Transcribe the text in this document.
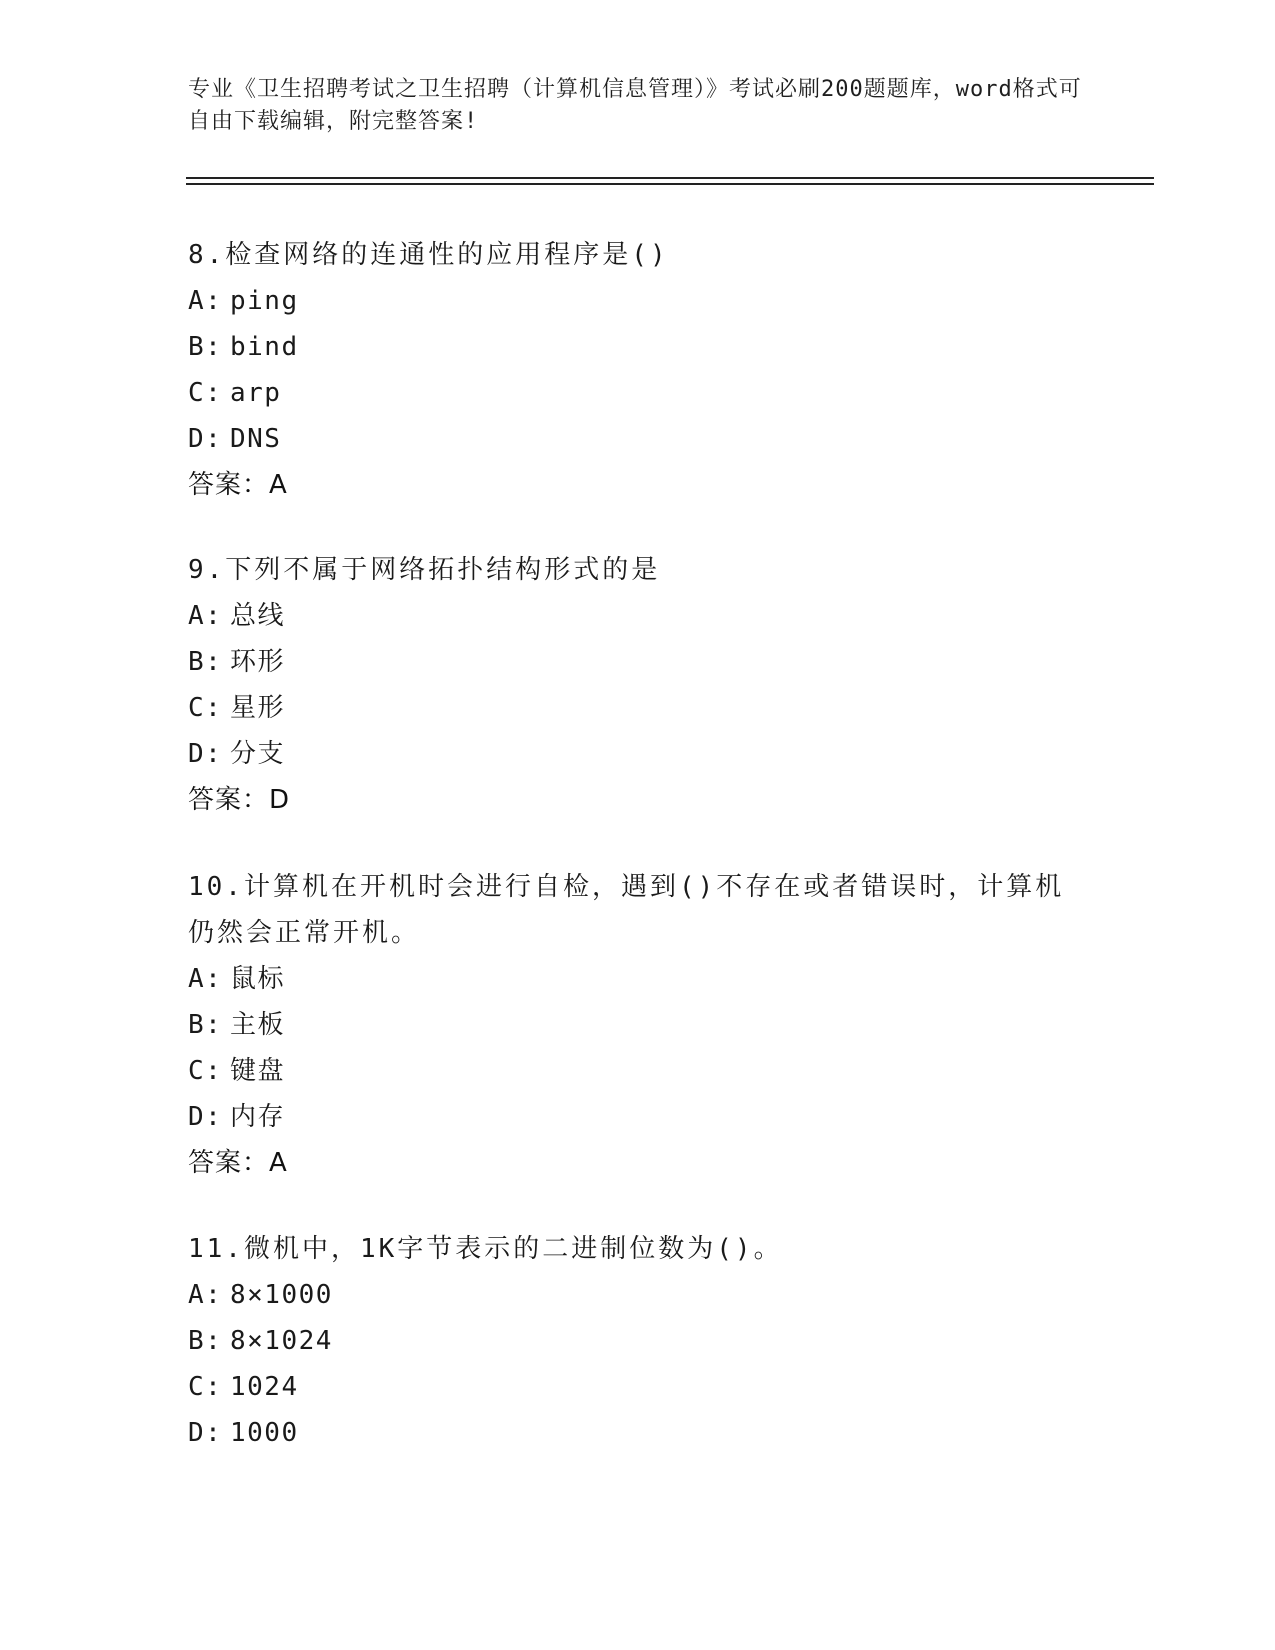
专业《卫生招聘考试之卫生招聘（计算机信息管理）》考试必刷200题题库，word格式可自由下载编辑，附完整答案!
8.检查网络的连通性的应用程序是()
A: ping
B: bind
C: arp
D: DNS
答案：A
9.下列不属于网络拓扑结构形式的是
A: 总线
B: 环形
C: 星形
D: 分支
答案：D
10.计算机在开机时会进行自检，遇到()不存在或者错误时，计算机仍然会正常开机。
A: 鼠标
B: 主板
C: 键盘
D: 内存
答案：A
11.微机中，1K字节表示的二进制位数为()。
A: 8×1000
B: 8×1024
C: 1024
D: 1000
